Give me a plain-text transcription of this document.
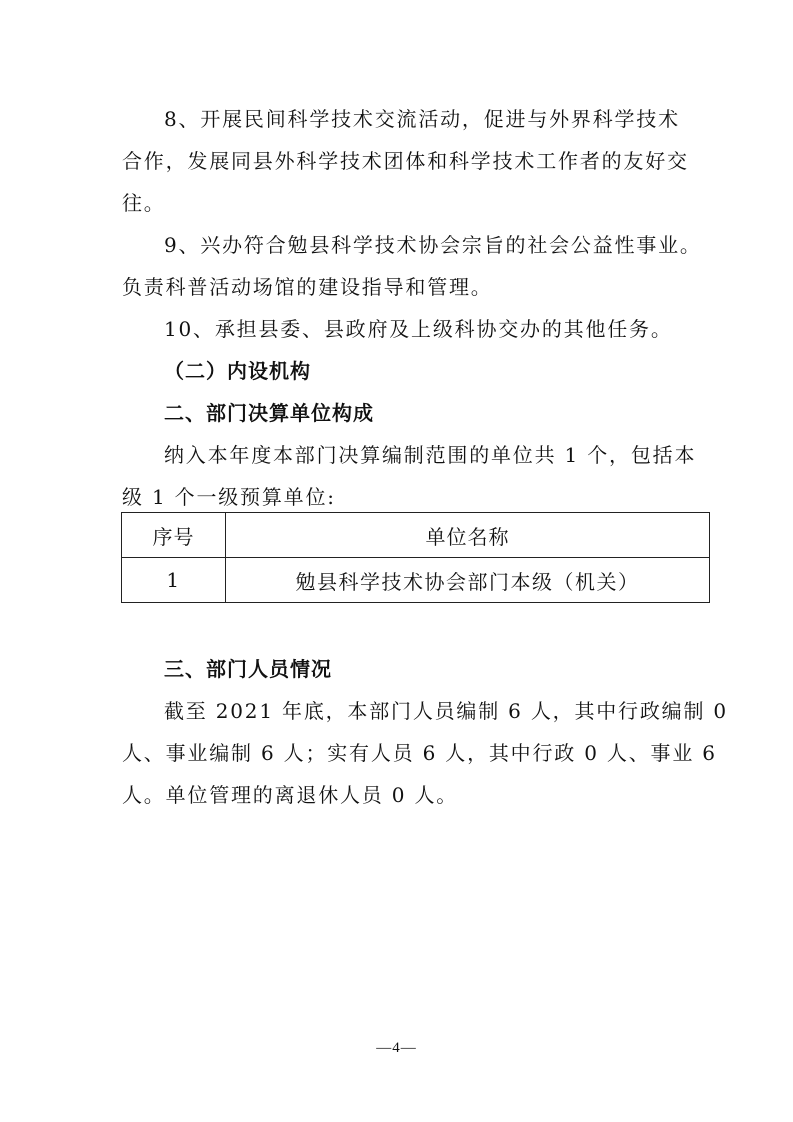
8、开展民间科学技术交流活动，促进与外界科学技术
合作，发展同县外科学技术团体和科学技术工作者的友好交
往。
9、兴办符合勉县科学技术协会宗旨的社会公益性事业。
负责科普活动场馆的建设指导和管理。
10、承担县委、县政府及上级科协交办的其他任务。
（二）内设机构
二、部门决算单位构成
纳入本年度本部门决算编制范围的单位共 1 个，包括本
级 1 个一级预算单位:
序号	单位名称
1	勉县科学技术协会部门本级（机关）
三、部门人员情况
截至 2021 年底，本部门人员编制 6 人，其中行政编制 0
人、事业编制 6 人；实有人员 6 人，其中行政 0 人、事业 6
人。单位管理的离退休人员 0 人。
—4—
